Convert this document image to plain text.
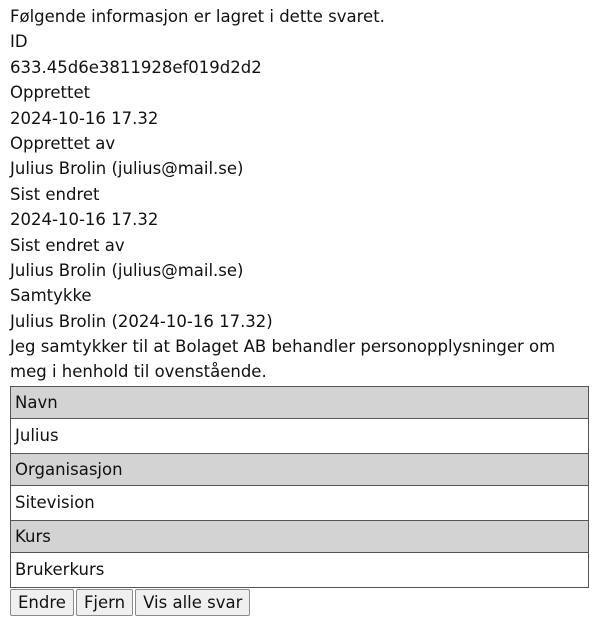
Følgende informasjon er lagret i dette svaret.
ID
633.45d6e3811928ef019d2d2
Opprettet
2024-10-16 17.32
Opprettet av
Julius Brolin (julius@mail.se)
Sist endret
2024-10-16 17.32
Sist endret av
Julius Brolin (julius@mail.se)
Samtykke
Julius Brolin (2024-10-16 17.32)
Jeg samtykker til at Bolaget AB behandler personopplysninger om meg i henhold til ovenstående.
Navn
Julius
Organisasjon
Sitevision
Kurs
Brukerkurs
Endre	Fjern	Vis alle svar
